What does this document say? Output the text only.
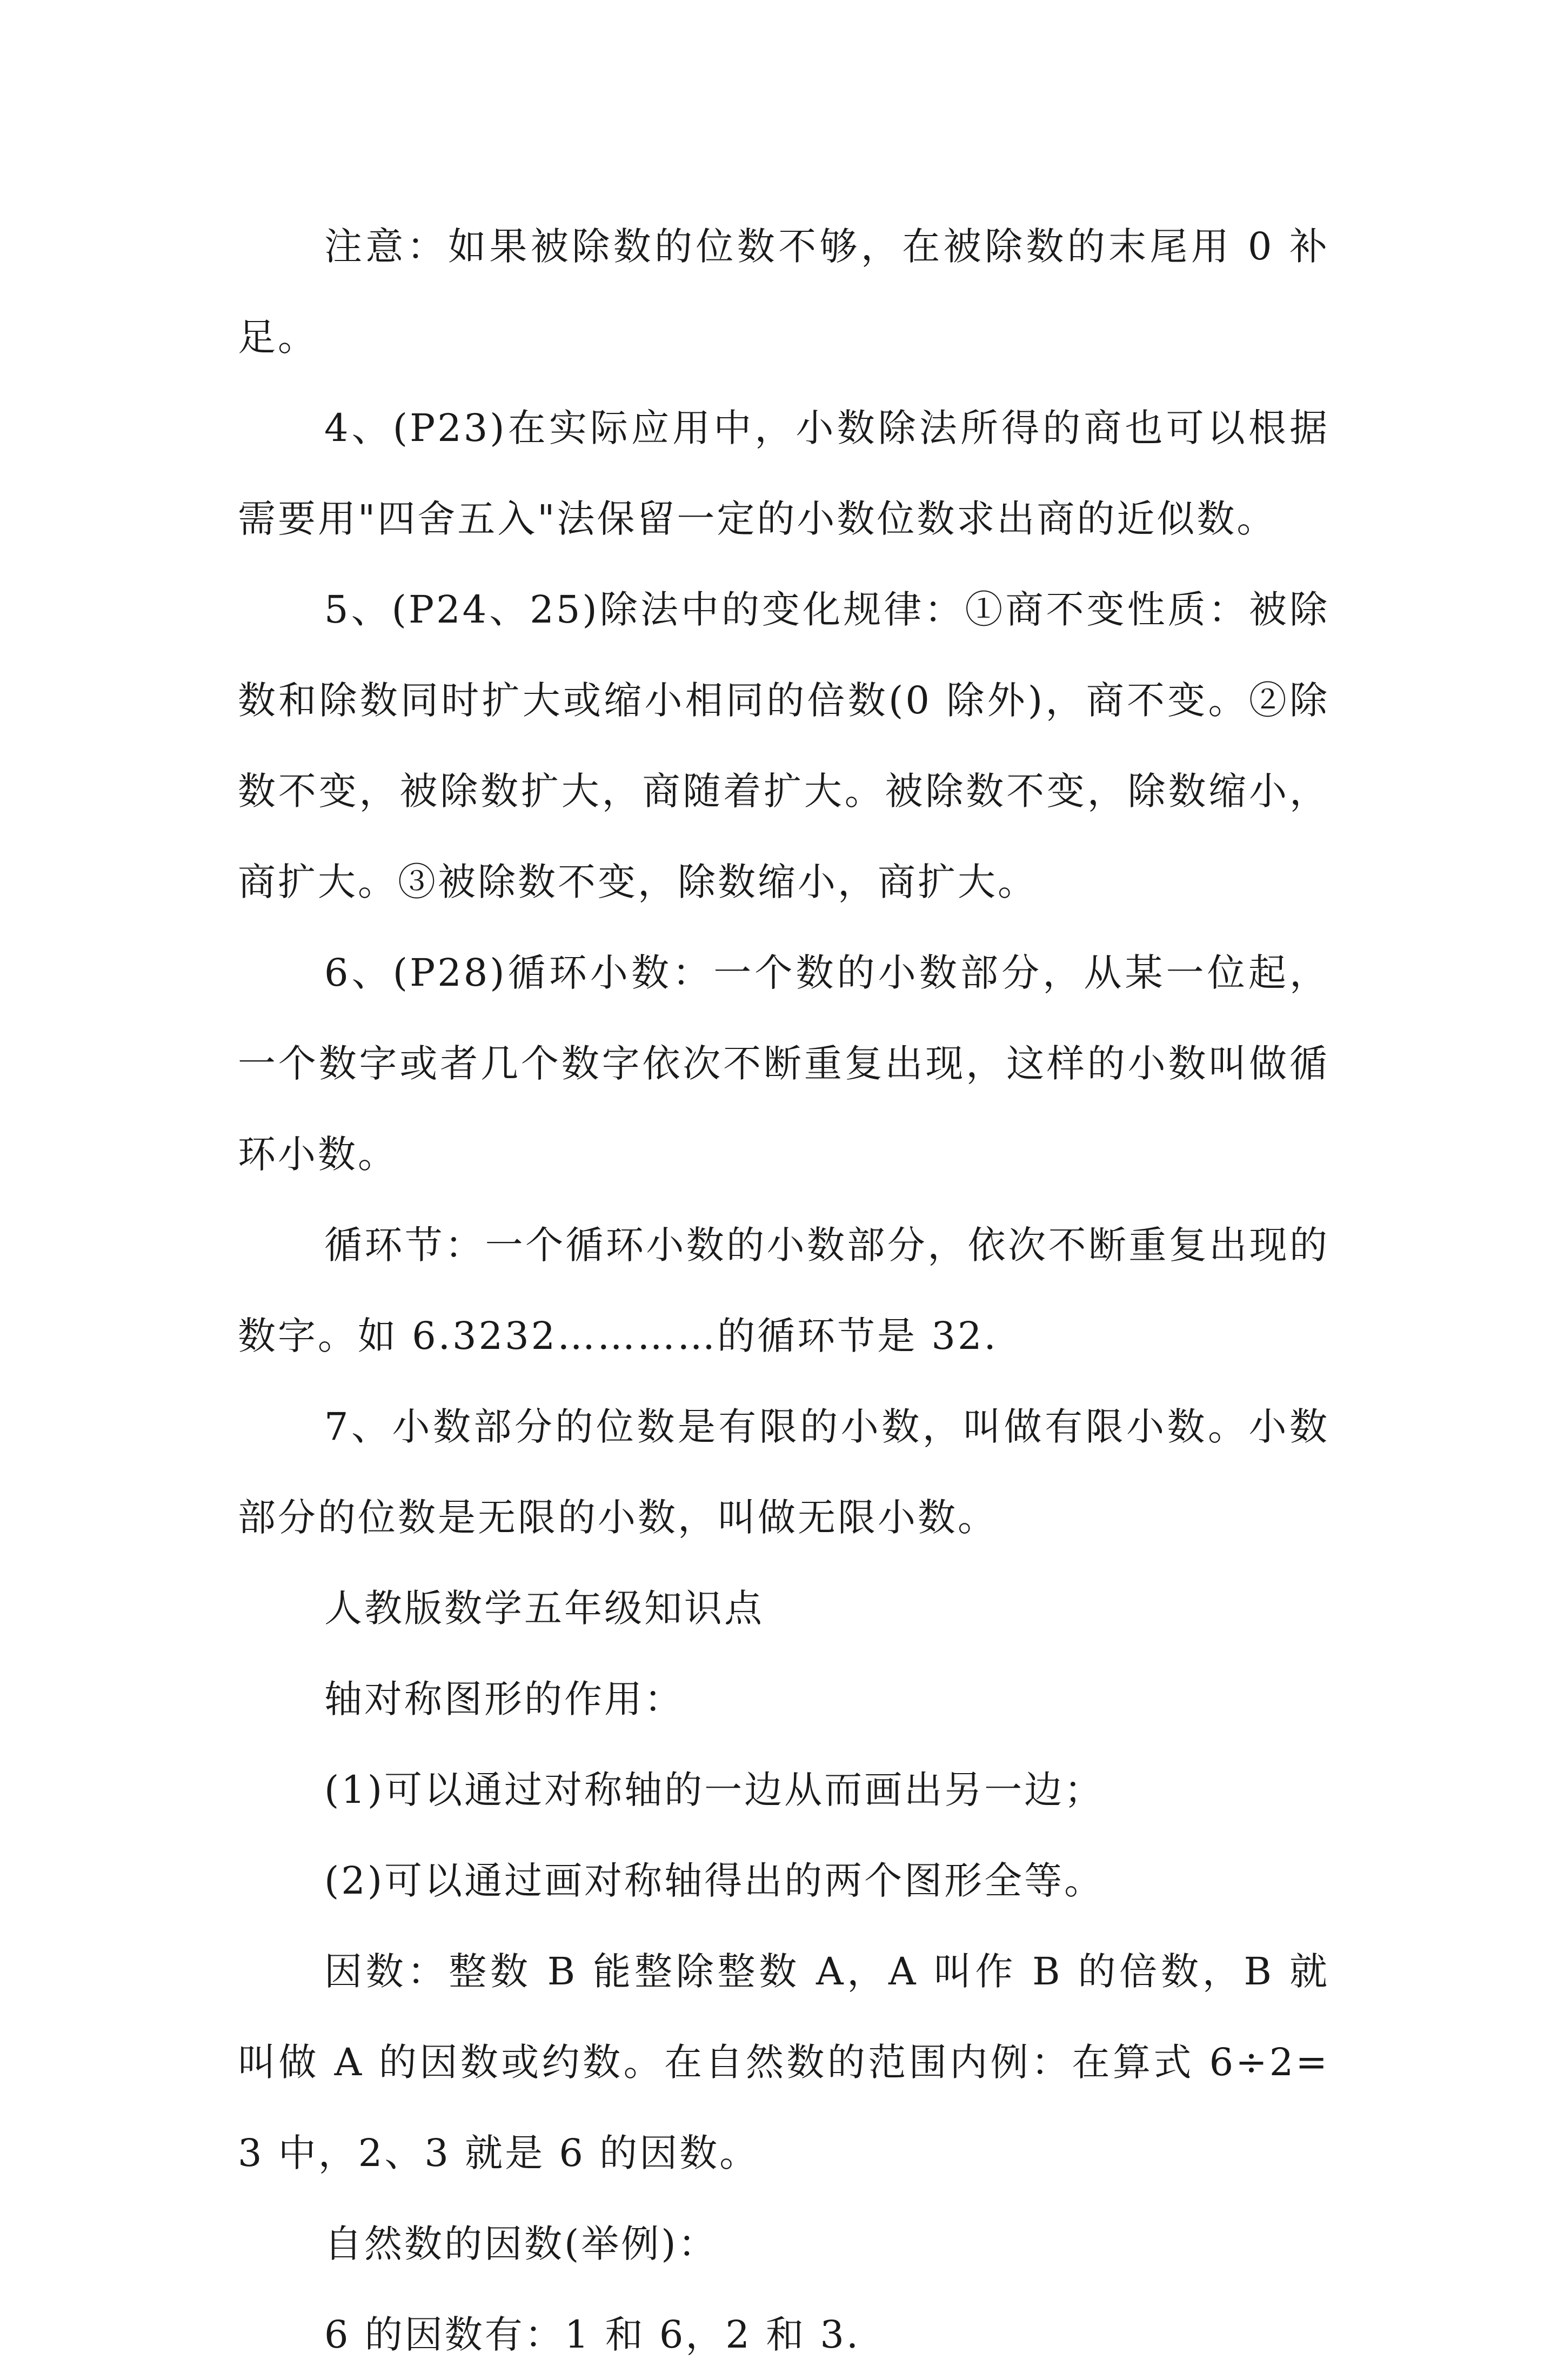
注意：如果被除数的位数不够，在被除数的末尾用 0 补足。

4、(P23)在实际应用中，小数除法所得的商也可以根据需要用"四舍五入"法保留一定的小数位数求出商的近似数。

5、(P24、25)除法中的变化规律：①商不变性质：被除数和除数同时扩大或缩小相同的倍数(0 除外)，商不变。②除数不变，被除数扩大，商随着扩大。被除数不变，除数缩小，商扩大。③被除数不变，除数缩小，商扩大。

6、(P28)循环小数：一个数的小数部分，从某一位起，一个数字或者几个数字依次不断重复出现，这样的小数叫做循环小数。

循环节：一个循环小数的小数部分，依次不断重复出现的数字。如 6.3232…………的循环节是 32.

7、小数部分的位数是有限的小数，叫做有限小数。小数部分的位数是无限的小数，叫做无限小数。

人教版数学五年级知识点

轴对称图形的作用：

(1)可以通过对称轴的一边从而画出另一边；

(2)可以通过画对称轴得出的两个图形全等。

因数：整数 B 能整除整数 A，A 叫作 B 的倍数，B 就叫做 A 的因数或约数。在自然数的范围内例：在算式 6÷2=3 中，2、3 就是 6 的因数。

自然数的因数(举例)：

6 的因数有：1 和 6，2 和 3.
